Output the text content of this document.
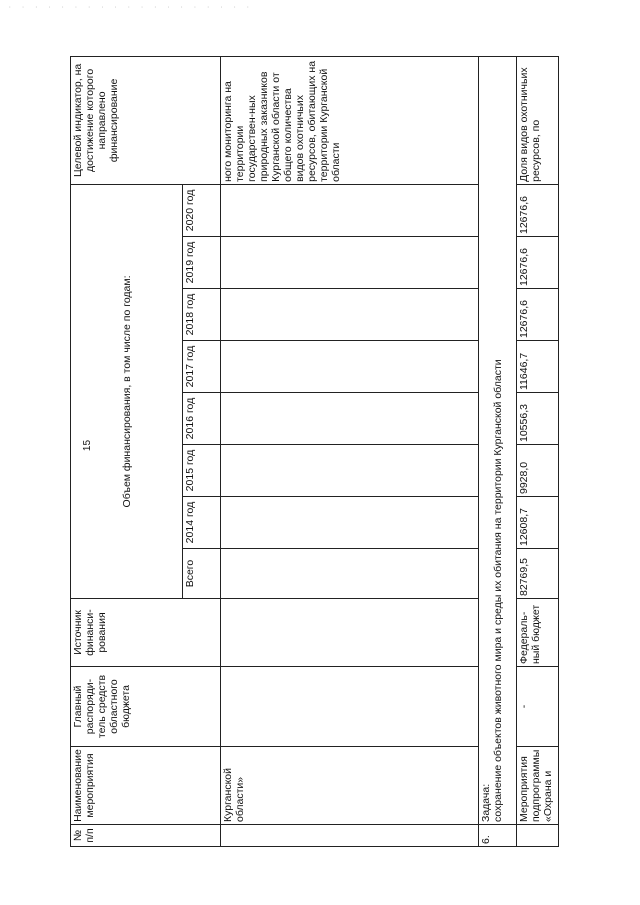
· · · · · · · · · · · · · · · · · · ·
15
№ п/п	Наименование мероприятия	Главный распоряди-тель средств областного бюджета	Источник финанси-рования	Объем финансирования, в том числе по годам:								Целевой индикатор, на достижение которого направлено финансирование
				Всего	2014 год	2015 год	2016 год	2017 год	2018 год	2019 год	2020 год	
	Курганской области»											ного мониторинга на территории государствен-ных природных заказников Курганской области от общего количества видов охотничьих ресурсов, обитающих на территории Курганской области
6.	Задача: сохранение объектов животного мира и среды их обитания на территории Курганской области											

	Мероприятия подпрограммы «Охрана и	-	Федераль-ный бюджет	82769,5	12608,7	9928,0	10556,3	11646,7	12676,6	12676,6	12676,6	Доля видов охотничьих ресурсов, по
